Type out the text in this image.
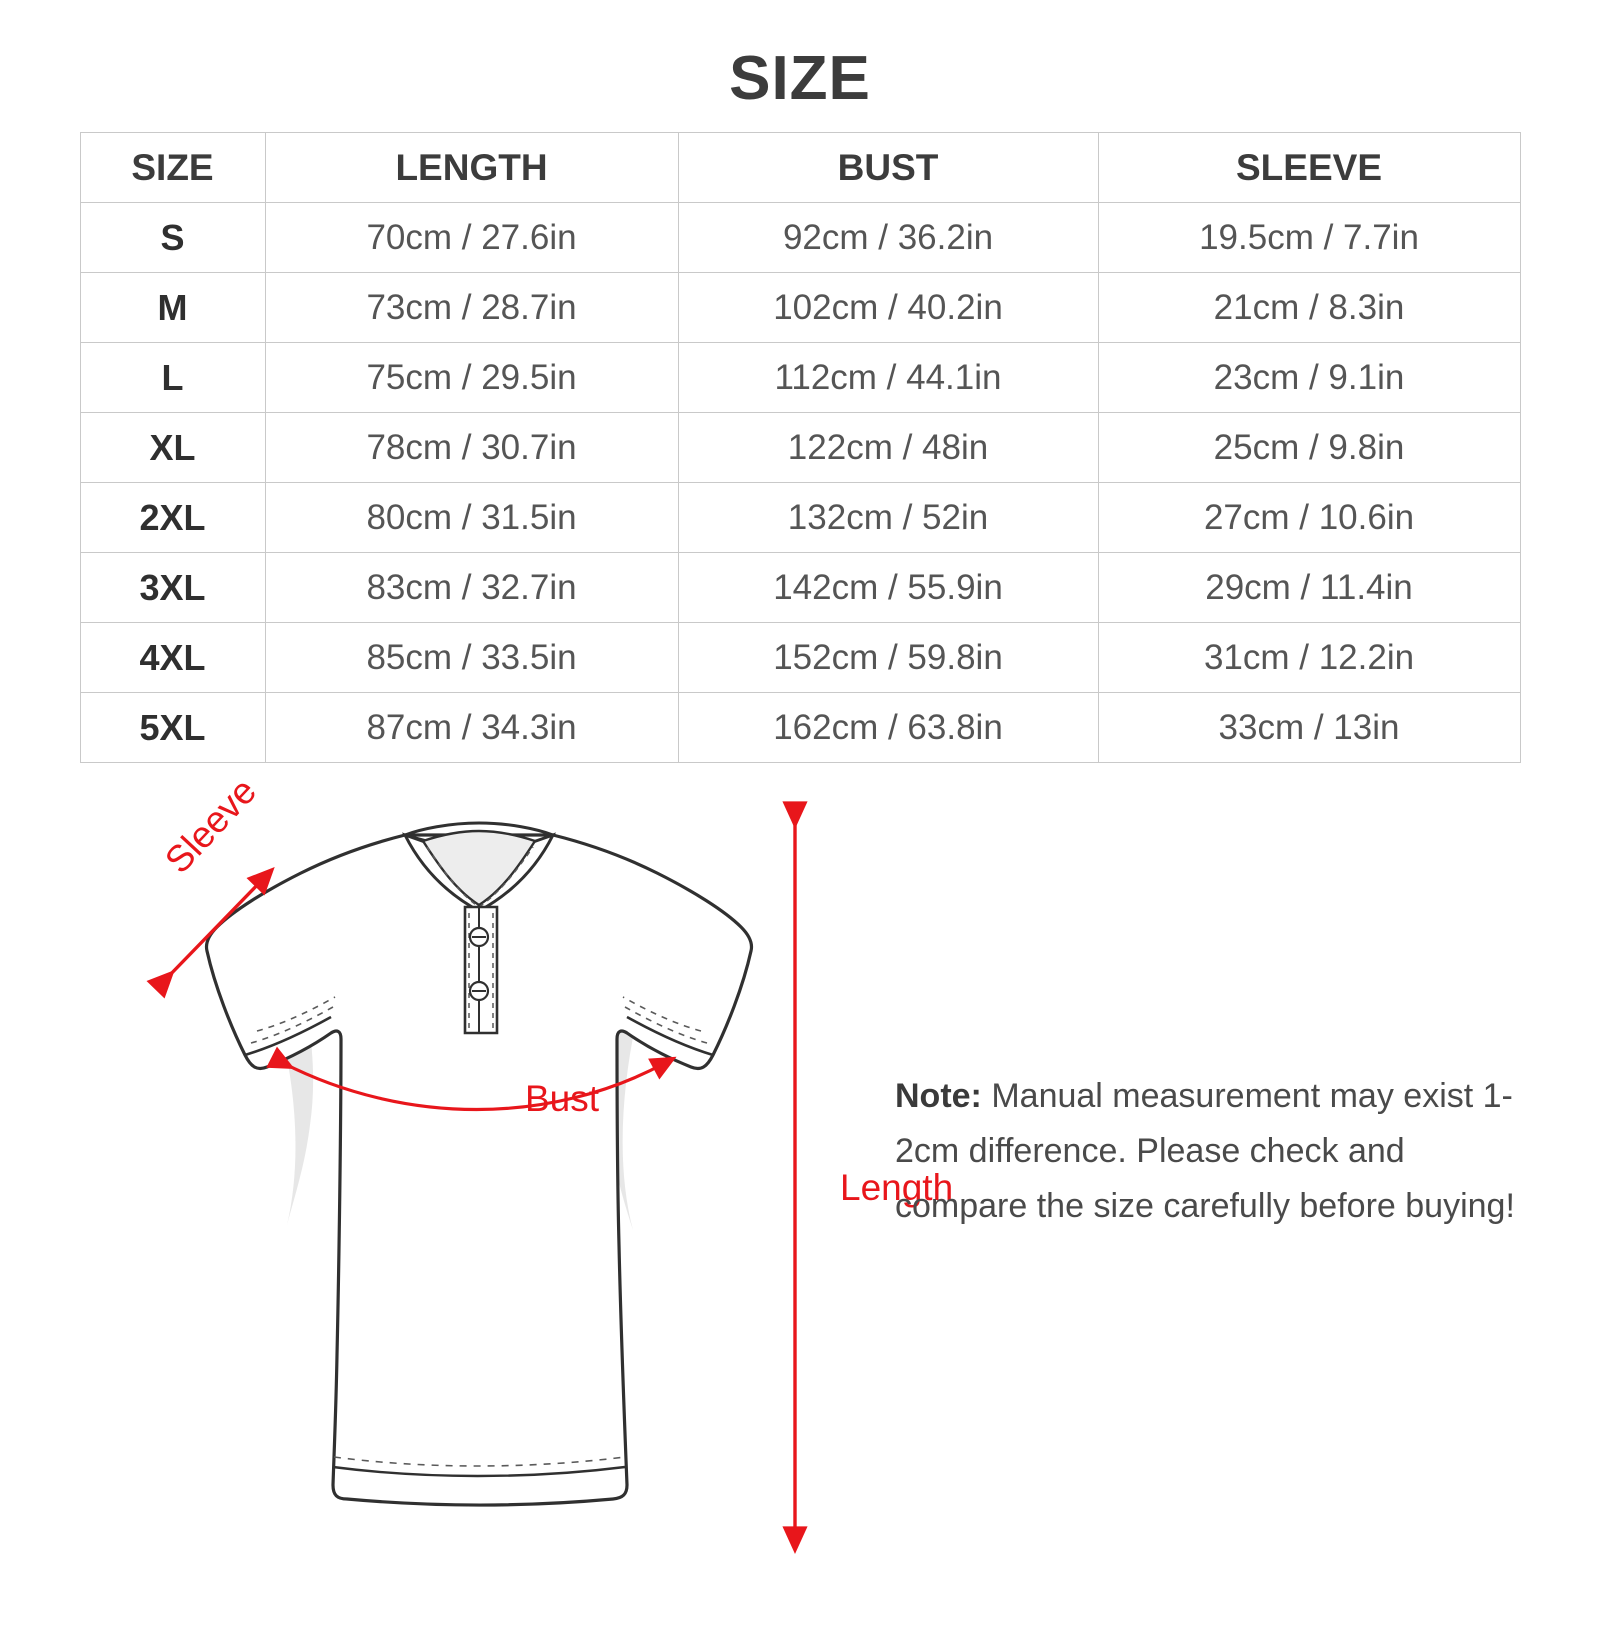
SIZE
SIZE	LENGTH	BUST	SLEEVE
S	70cm / 27.6in	92cm / 36.2in	19.5cm / 7.7in
M	73cm / 28.7in	102cm / 40.2in	21cm / 8.3in
L	75cm / 29.5in	112cm / 44.1in	23cm / 9.1in
XL	78cm / 30.7in	122cm / 48in	25cm / 9.8in
2XL	80cm / 31.5in	132cm / 52in	27cm / 10.6in
3XL	83cm / 32.7in	142cm / 55.9in	29cm / 11.4in
4XL	85cm / 33.5in	152cm / 59.8in	31cm / 12.2in
5XL	87cm / 34.3in	162cm / 63.8in	33cm / 13in
Sleeve
Bust
Length

Note: Manual measurement may exist 1-2cm difference. Please check and compare the size carefully before buying!
